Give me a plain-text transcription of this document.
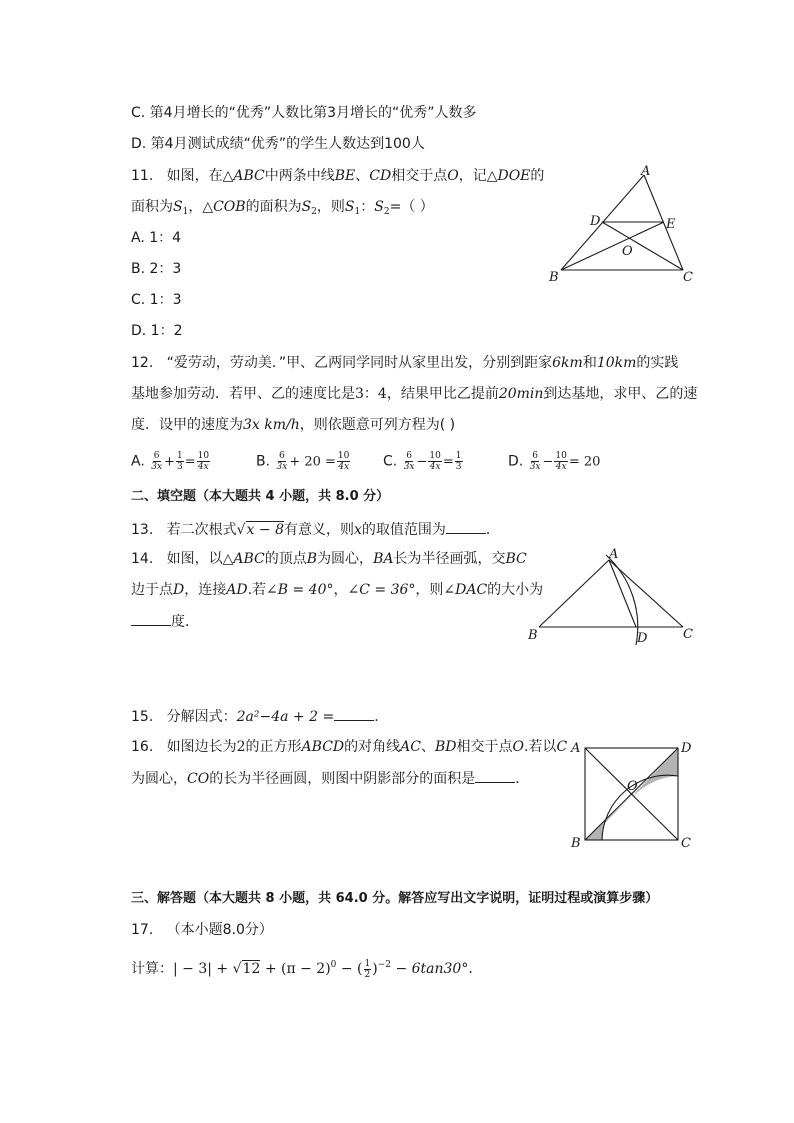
C. 第4月增长的“优秀”人数比第3月增长的“优秀”人数多
D. 第4月测试成绩“优秀”的学生人数达到100人
11. 如图，在△ABC中两条中线BE、CD相交于点O，记△DOE的
面积为$S_1$，△COB的面积为$S_2$，则$S_1$：$S_2=$（ ）
A. 1：4
B. 2：3
C. 1：3
D. 1：2
A
B	C
D	E
O
12. “爱劳动，劳动美．”甲、乙两同学同时从家里出发，分别到距家6km和10km的实践
基地参加劳动．若甲、乙的速度比是3：4，结果甲比乙提前20min到达基地，求甲、乙的速
度．设甲的速度为3x km/h，则依题意可列方程为( )
A. $\frac{6}{3x} + \frac{1}{3} = \frac{10}{4x}$	B. $\frac{6}{3x} + 20 = \frac{10}{4x} C$. $\frac{6}{3x} - \frac{10}{4x} = \frac{1}{3}$	D. $\frac{6}{3x} - \frac{10}{4x} = 20$
二、填空题（本大题共 4 小题，共 8.0 分）
13. 若二次根式√x − 8有意义，则x的取值范围为	．
14. 如图，以△ABC的顶点B为圆心，BA长为半径画弧，交BC
边于点D，连接AD.若∠B = 40°，∠C = 36°，则∠DAC的大小为
度．
A
B	C
D
15. 分解因式：2a²−4a + 2 =	．
16. 如图边长为2的正方形ABCD的对角线AC、BD相交于点O.若以C
为圆心，CO的长为半径画圆，则图中阴影部分的面积是	．
A	D
B	C
O
三、解答题（本大题共 8 小题，共 64.0 分。解答应写出文字说明，证明过程或演算步骤）
17. （本小题8.0分）
计算：| − $3| + √12 + (\pi - 2)^0$ − ( $\frac{1}{2} )^{-2} - 6\tan 30^\circ$．
